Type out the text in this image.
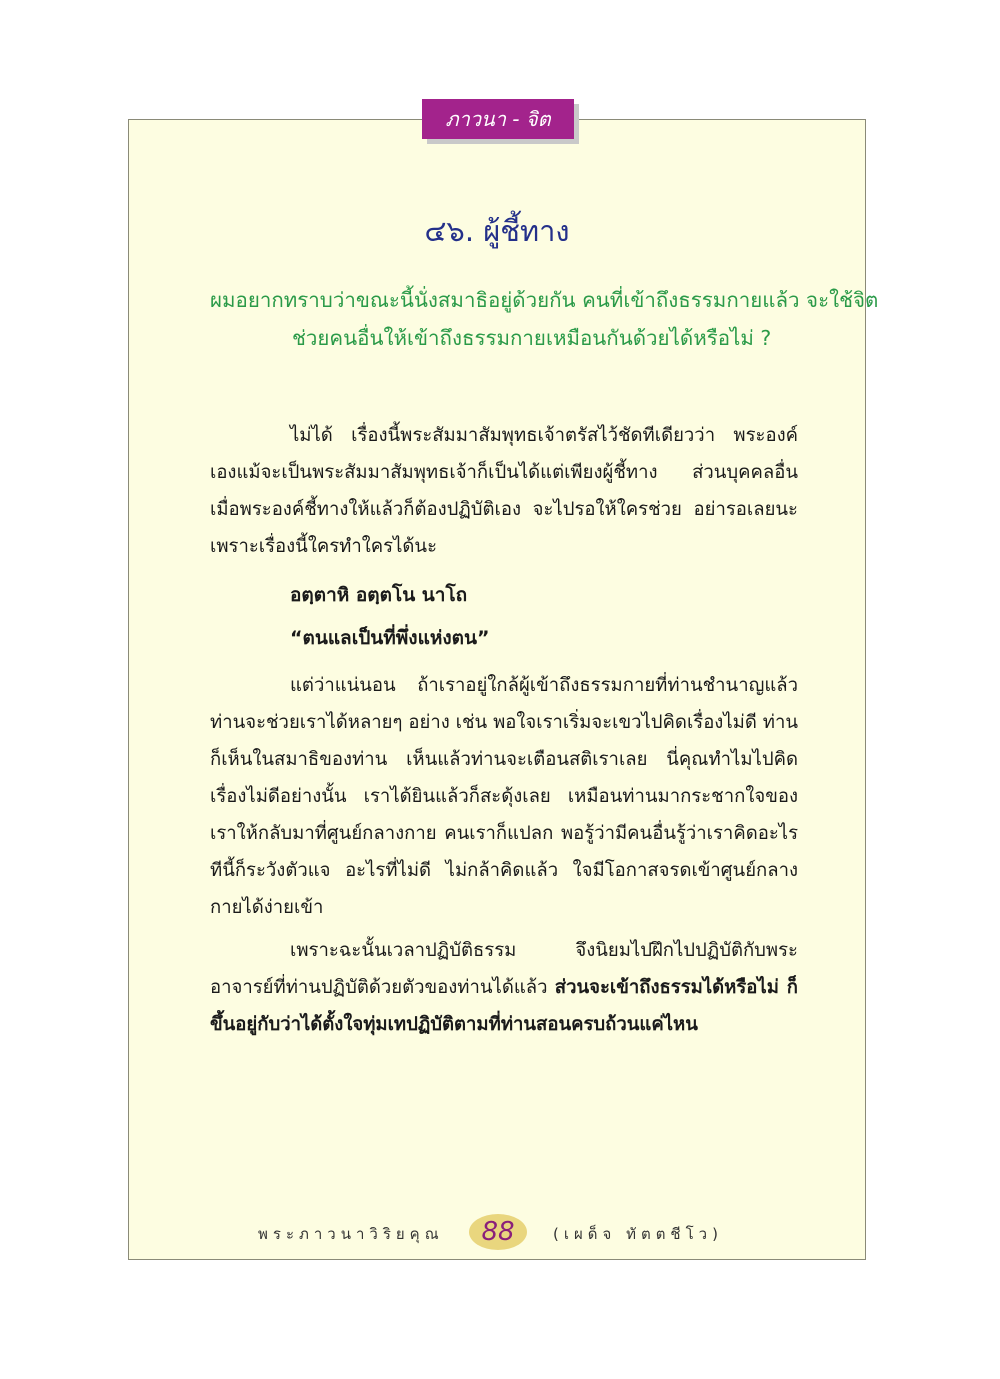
ภาวนา - จิต
๔๖. ผู้ชี้ทาง
ผมอยากทราบว่าขณะนี้นั่งสมาธิอยู่ด้วยกัน คนที่เข้าถึงธรรมกายแล้ว จะใช้จิตช่วยคนอื่นให้เข้าถึงธรรมกายเหมือนกันด้วยได้หรือไม่ ?
ไม่ได้ เรื่องนี้พระสัมมาสัมพุทธเจ้าตรัสไว้ชัดทีเดียวว่า พระองค์เองแม้จะเป็นพระสัมมาสัมพุทธเจ้าก็เป็นได้แต่เพียงผู้ชี้ทาง ส่วนบุคคลอื่นเมื่อพระองค์ชี้ทางให้แล้วก็ต้องปฏิบัติเอง จะไปรอให้ใครช่วย อย่ารอเลยนะ เพราะเรื่องนี้ใครทำใครได้นะ
อตฺตาหิ อตฺตโน นาโถ
“ตนแลเป็นที่พึ่งแห่งตน”
แต่ว่าแน่นอน ถ้าเราอยู่ใกล้ผู้เข้าถึงธรรมกายที่ท่านชำนาญแล้ว ท่านจะช่วยเราได้หลายๆ อย่าง เช่น พอใจเราเริ่มจะเขวไปคิดเรื่องไม่ดี ท่านก็เห็นในสมาธิของท่าน เห็นแล้วท่านจะเตือนสติเราเลย นี่คุณทำไมไปคิดเรื่องไม่ดีอย่างนั้น เราได้ยินแล้วก็สะดุ้งเลย เหมือนท่านมากระชากใจของเราให้กลับมาที่ศูนย์กลางกาย คนเราก็แปลก พอรู้ว่ามีคนอื่นรู้ว่าเราคิดอะไร ทีนี้ก็ระวังตัวแจ อะไรที่ไม่ดี ไม่กล้าคิดแล้ว ใจมีโอกาสจรดเข้าศูนย์กลางกายได้ง่ายเข้า
เพราะฉะนั้นเวลาปฏิบัติธรรม จึงนิยมไปฝึกไปปฏิบัติกับพระอาจารย์ที่ท่านปฏิบัติด้วยตัวของท่านได้แล้ว ส่วนจะเข้าถึงธรรมได้หรือไม่ ก็ขึ้นอยู่กับว่าได้ตั้งใจทุ่มเทปฏิบัติตามที่ท่านสอนครบถ้วนแค่ไหน
พระภาวนาวิริยคุณ 88	(เผด็จ ทัตตชีโว)
